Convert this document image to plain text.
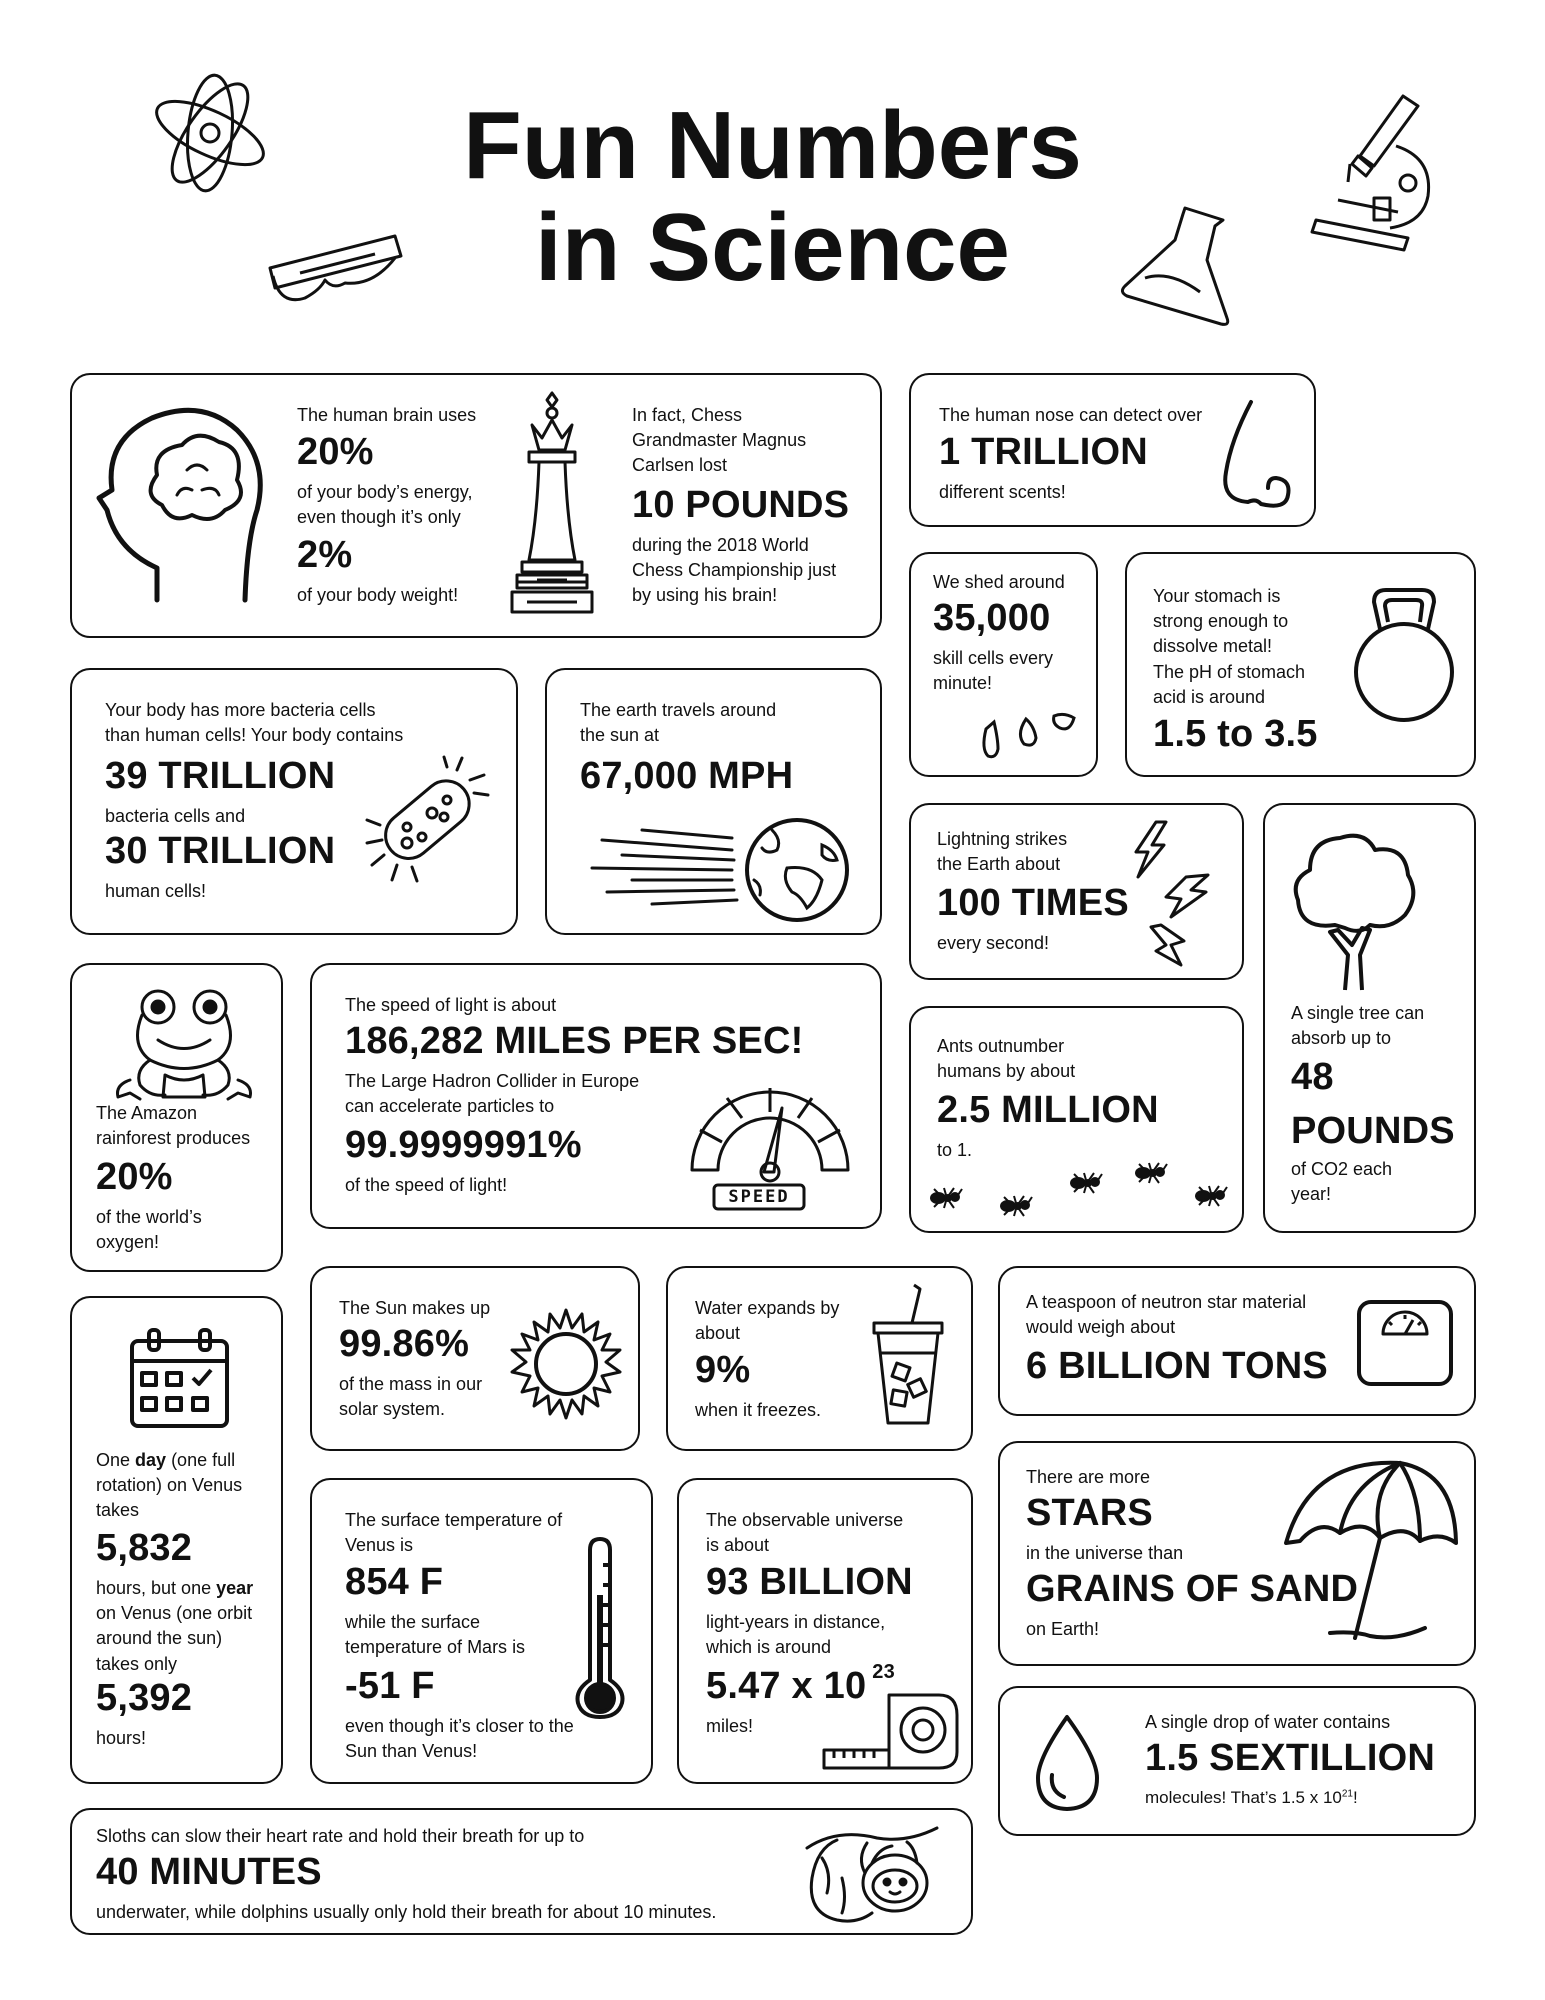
Fun Numbers
in Science
The human brain uses
20%
of your body’s energy,
even though it’s only
2%
of your body weight!
In fact, Chess
Grandmaster Magnus
Carlsen lost
10 POUNDS
during the 2018 World
Chess Championship just
by using his brain!
The human nose can detect over
1 TRILLION
different scents!
We shed around
35,000
skill cells every
minute!
Your stomach is
strong enough to
dissolve metal!
The pH of stomach
acid is around
1.5 to 3.5
Your body has more bacteria cells
than human cells! Your body contains
39 TRILLION
bacteria cells and
30 TRILLION
human cells!
The earth travels around
the sun at
67,000 MPH
Lightning strikes
the Earth about
100 TIMES
every second!
A single tree can
absorb up to
48
POUNDS
of CO2 each
year!
The Amazon
rainforest produces
20%
of the world’s
oxygen!
The speed of light is about
186,282 MILES PER SEC!
The Large Hadron Collider in Europe
can accelerate particles to
99.9999991%
of the speed of light!
SPEED
Ants outnumber
humans by about
2.5 MILLION
to 1.
One day (one full
rotation) on Venus
takes
5,832
hours, but one year
on Venus (one orbit
around the sun)
takes only
5,392
hours!
The Sun makes up
99.86%
of the mass in our
solar system.
Water expands by
about
9%
when it freezes.
A teaspoon of neutron star material
would weigh about
6 BILLION TONS
There are more
STARS
in the universe than
GRAINS OF SAND
on Earth!
The surface temperature of
Venus is
854 F
while the surface
temperature of Mars is
-51 F
even though it’s closer to the
Sun than Venus!
The observable universe
is about
93 BILLION
light-years in distance,
which is around
5.47 x 10 $^{23}$
miles!	A single drop of water contains
1.5 SEXTILLION
molecules! That’s 1.5 x $10^{21}$!
Sloths can slow their heart rate and hold their breath for up to
40 MINUTES
underwater, while dolphins usually only hold their breath for about 10 minutes.
